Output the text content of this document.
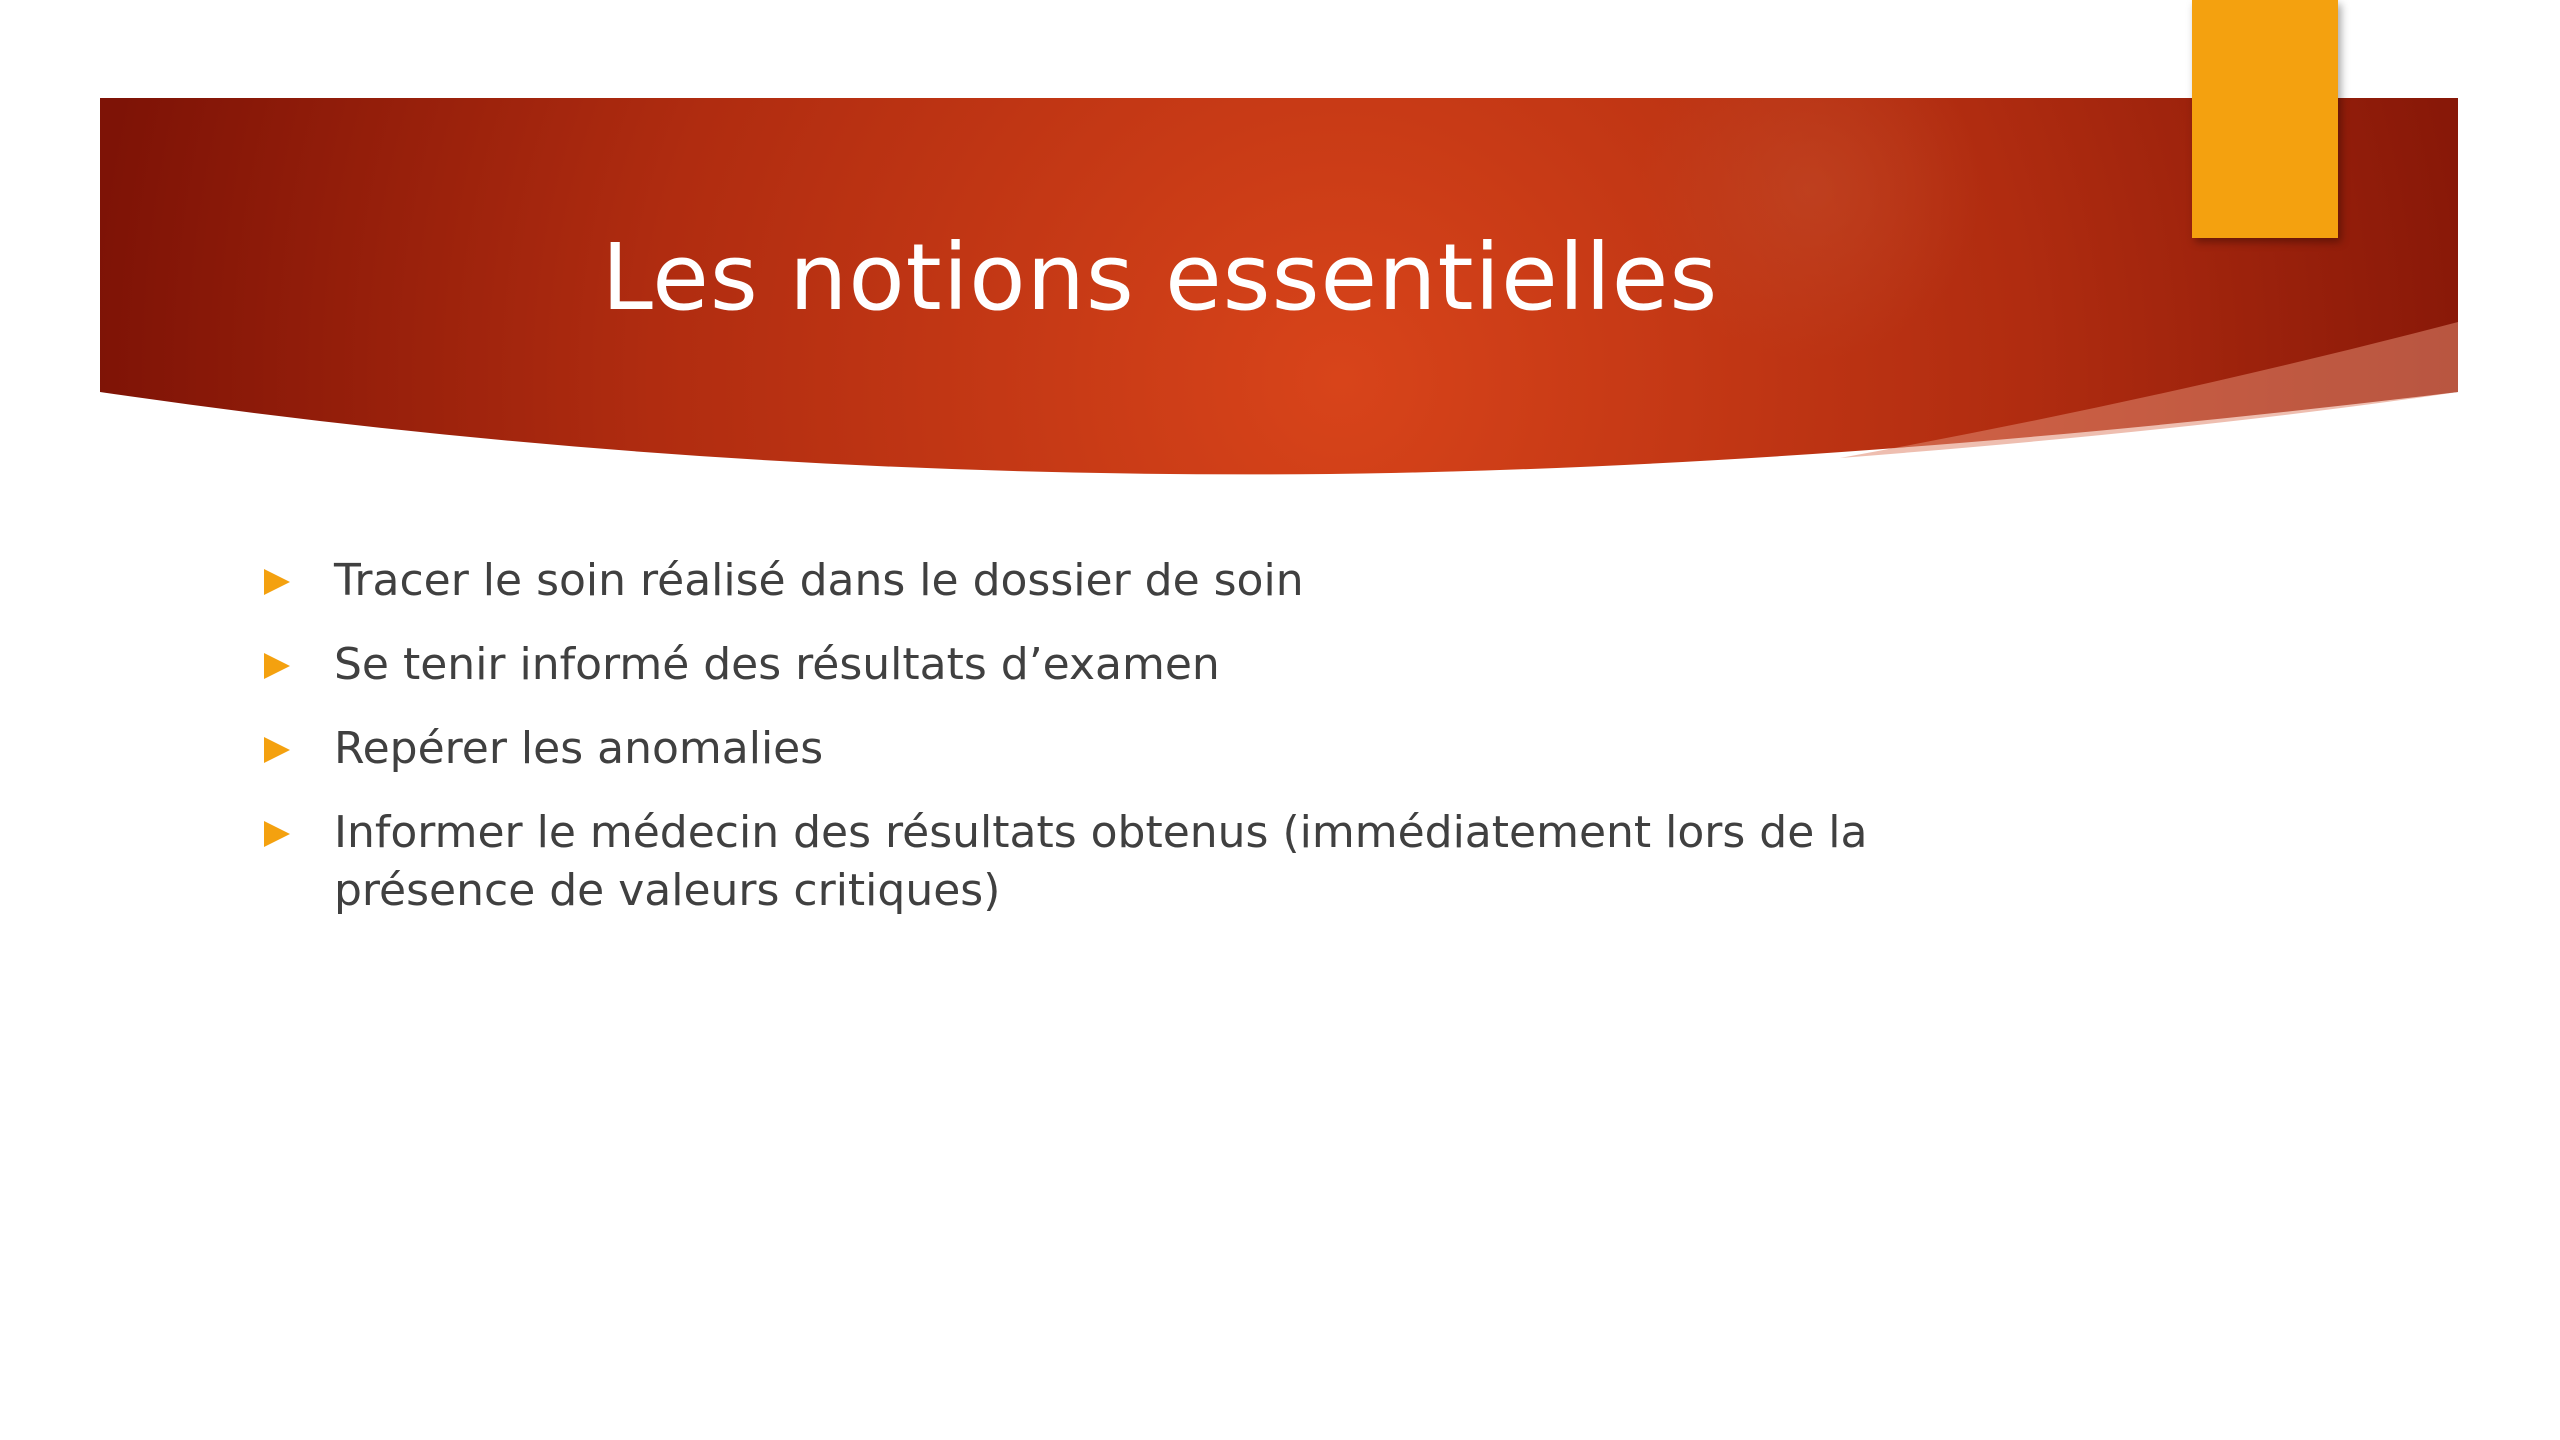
Les notions essentielles
Tracer le soin réalisé dans le dossier de soin
Se tenir informé des résultats d’examen
Repérer les anomalies
Informer le médecin des résultats obtenus (immédiatement lors de la présence de valeurs critiques)
